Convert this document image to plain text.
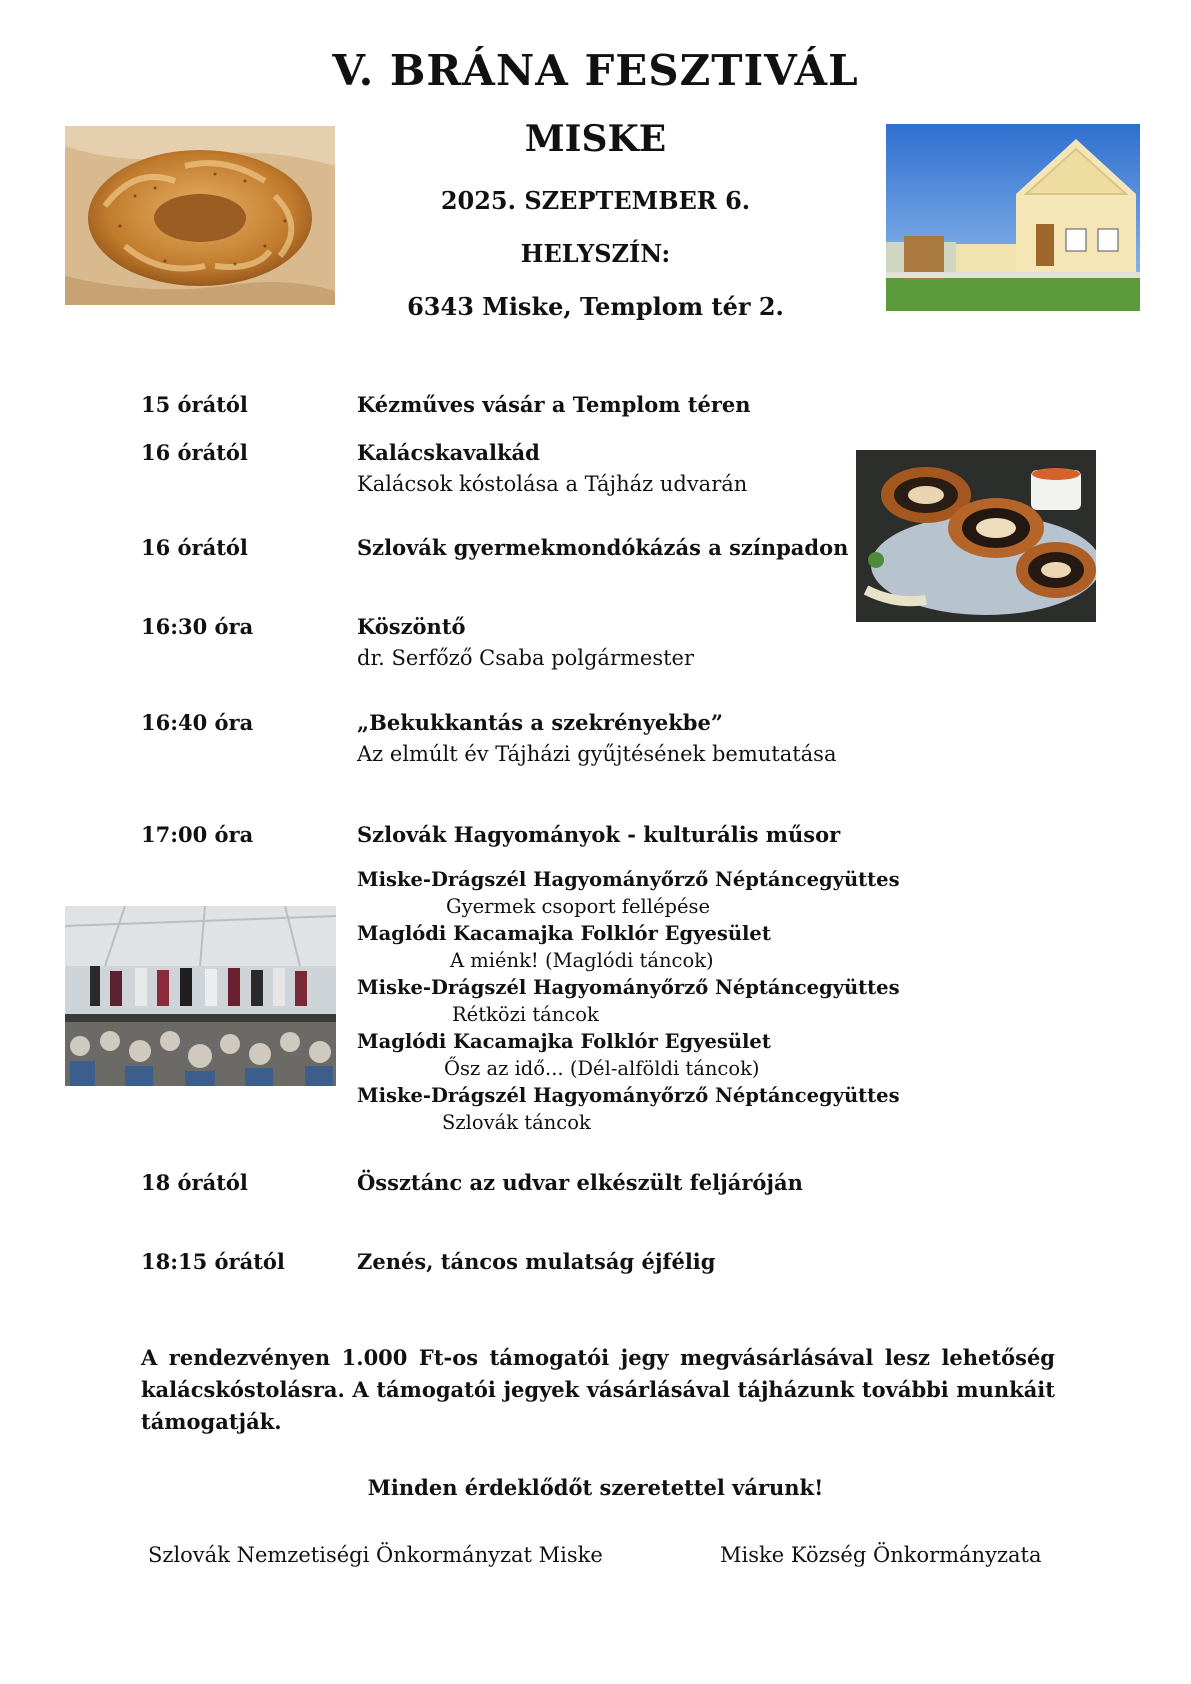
V. BRÁNA FESZTIVÁL
MISKE
2025. SZEPTEMBER 6.
HELYSZÍN:
6343 Miske, Templom tér 2.
15 órától	Kézműves vásár a Templom téren
16 órától	Kalácskavalkád
Kalácsok kóstolása a Tájház udvarán
16 órától	Szlovák gyermekmondókázás a színpadon
16:30 óra	Köszöntő
dr. Serfőző Csaba polgármester
16:40 óra	„Bekukkantás a szekrényekbe”
Az elmúlt év Tájházi gyűjtésének bemutatása
17:00 óra	Szlovák Hagyományok - kulturális műsor
Miske-Drágszél Hagyományőrző Néptáncegyüttes
Gyermek csoport fellépése
Maglódi Kacamajka Folklór Egyesület
A miénk! (Maglódi táncok)
Miske-Drágszél Hagyományőrző Néptáncegyüttes
Rétközi táncok
Maglódi Kacamajka Folklór Egyesület
Ősz az idő... (Dél-alföldi táncok)
Miske-Drágszél Hagyományőrző Néptáncegyüttes
Szlovák táncok
18 órától	Össztánc az udvar elkészült feljáróján
18:15 órától	Zenés, táncos mulatság éjfélig
A rendezvényen 1.000 Ft-os támogatói jegy megvásárlásával lesz lehetőség kalácskóstolásra. A támogatói jegyek vásárlásával tájházunk további munkáit támogatják.
Minden érdeklődőt szeretettel várunk!
Szlovák Nemzetiségi Önkormányzat Miske	Miske Község Önkormányzata
